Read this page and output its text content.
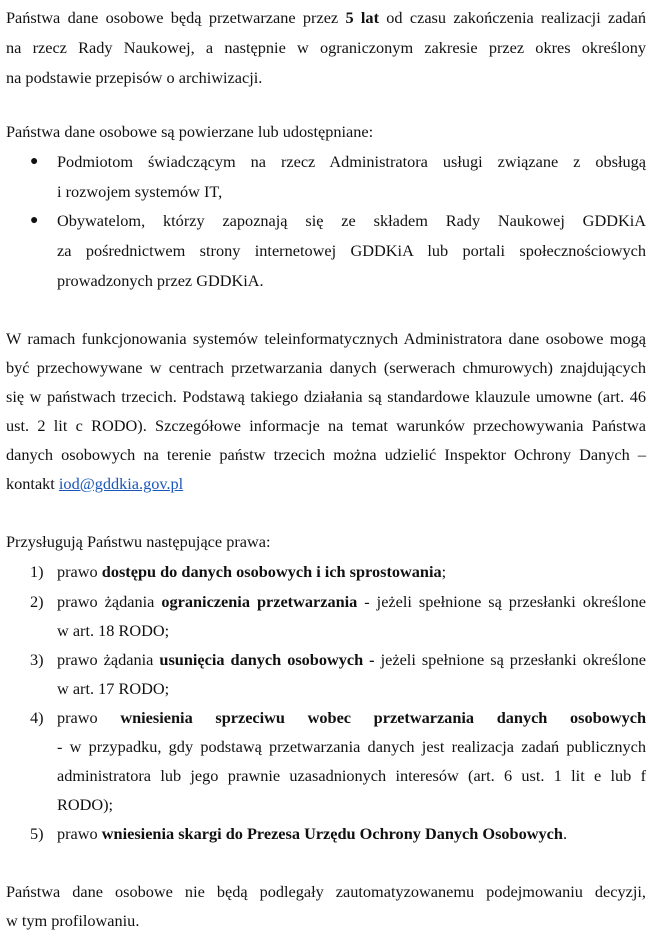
Państwa dane osobowe będą przetwarzane przez 5 lat od czasu zakończenia realizacji zadań
na rzecz Rady Naukowej, a następnie w ograniczonym zakresie przez okres określony
na podstawie przepisów o archiwizacji.
Państwa dane osobowe są powierzane lub udostępniane:
● Podmiotom świadczącym na rzecz Administratora usługi związane z obsługą
i rozwojem systemów IT,
● Obywatelom, którzy zapoznają się ze składem Rady Naukowej GDDKiA
za pośrednictwem strony internetowej GDDKiA lub portali społecznościowych
prowadzonych przez GDDKiA.
W ramach funkcjonowania systemów teleinformatycznych Administratora dane osobowe mogą
być przechowywane w centrach przetwarzania danych (serwerach chmurowych) znajdujących
się w państwach trzecich. Podstawą takiego działania są standardowe klauzule umowne (art. 46
ust. 2 lit c RODO). Szczegółowe informacje na temat warunków przechowywania Państwa
danych osobowych na terenie państw trzecich można udzielić Inspektor Ochrony Danych –
kontakt iod@gddkia.gov.pl
Przysługują Państwu następujące prawa:
1) prawo dostępu do danych osobowych i ich sprostowania;
2) prawo żądania ograniczenia przetwarzania - jeżeli spełnione są przesłanki określone
w art. 18 RODO;
3) prawo żądania usunięcia danych osobowych - jeżeli spełnione są przesłanki określone
w art. 17 RODO;
4) prawo wniesienia sprzeciwu wobec przetwarzania danych osobowych
- w przypadku, gdy podstawą przetwarzania danych jest realizacja zadań publicznych
administratora lub jego prawnie uzasadnionych interesów (art. 6 ust. 1 lit e lub f
RODO);
5) prawo wniesienia skargi do Prezesa Urzędu Ochrony Danych Osobowych.
Państwa dane osobowe nie będą podlegały zautomatyzowanemu podejmowaniu decyzji,
w tym profilowaniu.
